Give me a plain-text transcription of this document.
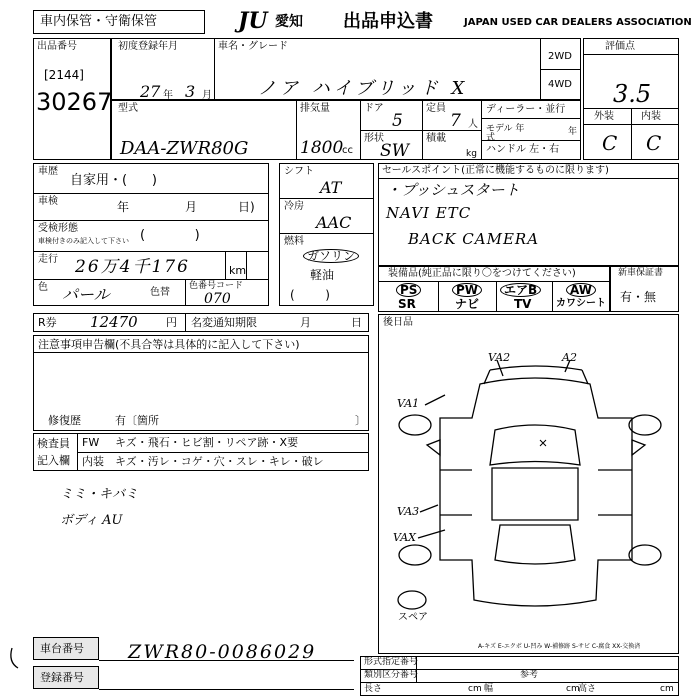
車内保管・守衛保管	JU 愛知 出品申込書	JAPAN USED CAR DEALERS ASSOCIATION
出品番号
[2144]
30267
初度登録年月	車名・グレード
27 年 3 月	ノア ハイブリッド X
2WD
4WD
評価点
3.5
外装	内装
C C
型式
DAA-ZWR80G
排気量
1800
cc
ドア
5
定員
7 人
形状
SW
積載
kg
ディーラー・並行
モデル 年式
年
ハンドル 左・右
車歴
自家用・(      )
車検	年	月	日)
受検形態
車検付きのみ記入して下さい (            )
走行 26万4千176	km
色 パール	色替
色番号コード
070
シフト
AT
冷房
AAC
燃料
ガソリン
軽油
(        )
セールスポイント(正常に機能するものに限ります)
・プッシュスタート
NAVI ETC
BACK CAMERA
装備品(純正品に限り〇をつけてください)
PS
SR
PW
ナビ
エアB
TV
AW
カワシート
新車保証書
有・無
R券 12470	円 名変通知期限	月	日
注意事項申告欄(不具合等は具体的に記入して下さい)
修復歴	有〔箇所	〕
検査員
記入欄
FW キズ・飛石・ヒビ割・リペア跡・X要
内装 キズ・汚レ・コゲ・穴・スレ・キレ・破レ
ミミ・キバミ
ボディ AU
後日品
VA2	A2
VA1
VA3
VAX
スペア
A-キズ E-エクボ U-凹み W-補修跡 S-サビ C-腐食 XX-交換済
車台番号 ZWR80-0086029
登録番号
形式指定番号
類別区分番号	参考
長さ	cm 幅	cm
高さ	cm
